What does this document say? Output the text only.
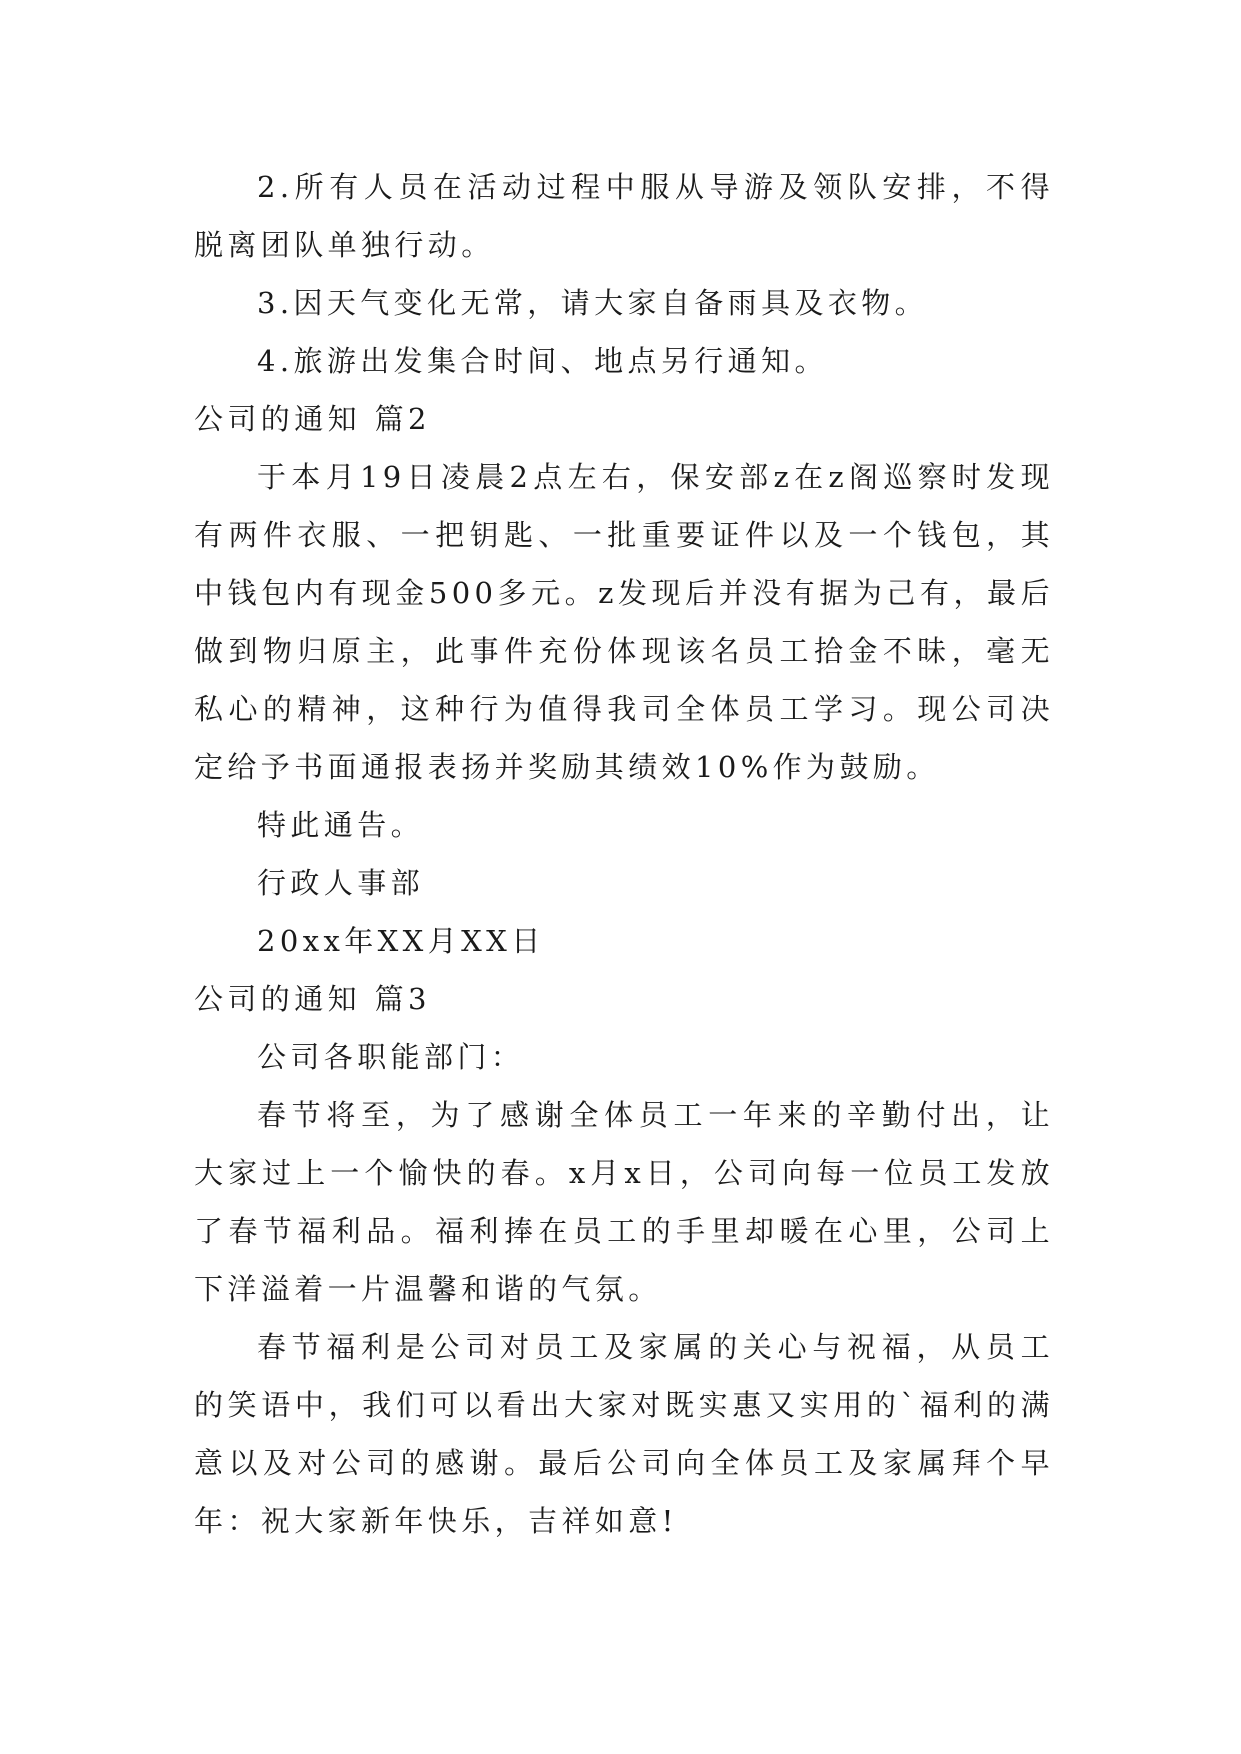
2.所有人员在活动过程中服从导游及领队安排，不得脱离团队单独行动。

3.因天气变化无常，请大家自备雨具及衣物。

4.旅游出发集合时间、地点另行通知。

公司的通知 篇2

于本月19日凌晨2点左右，保安部z在z阁巡察时发现有两件衣服、一把钥匙、一批重要证件以及一个钱包，其中钱包内有现金500多元。z发现后并没有据为己有，最后做到物归原主，此事件充份体现该名员工拾金不昧，毫无私心的精神，这种行为值得我司全体员工学习。现公司决定给予书面通报表扬并奖励其绩效10%作为鼓励。

特此通告。

行政人事部

20xx年XX月XX日

公司的通知 篇3

公司各职能部门：

春节将至，为了感谢全体员工一年来的辛勤付出，让大家过上一个愉快的春。x月x日，公司向每一位员工发放了春节福利品。福利捧在员工的手里却暖在心里，公司上下洋溢着一片温馨和谐的气氛。

春节福利是公司对员工及家属的关心与祝福，从员工的笑语中，我们可以看出大家对既实惠又实用的`福利的满意以及对公司的感谢。最后公司向全体员工及家属拜个早年：祝大家新年快乐，吉祥如意!
